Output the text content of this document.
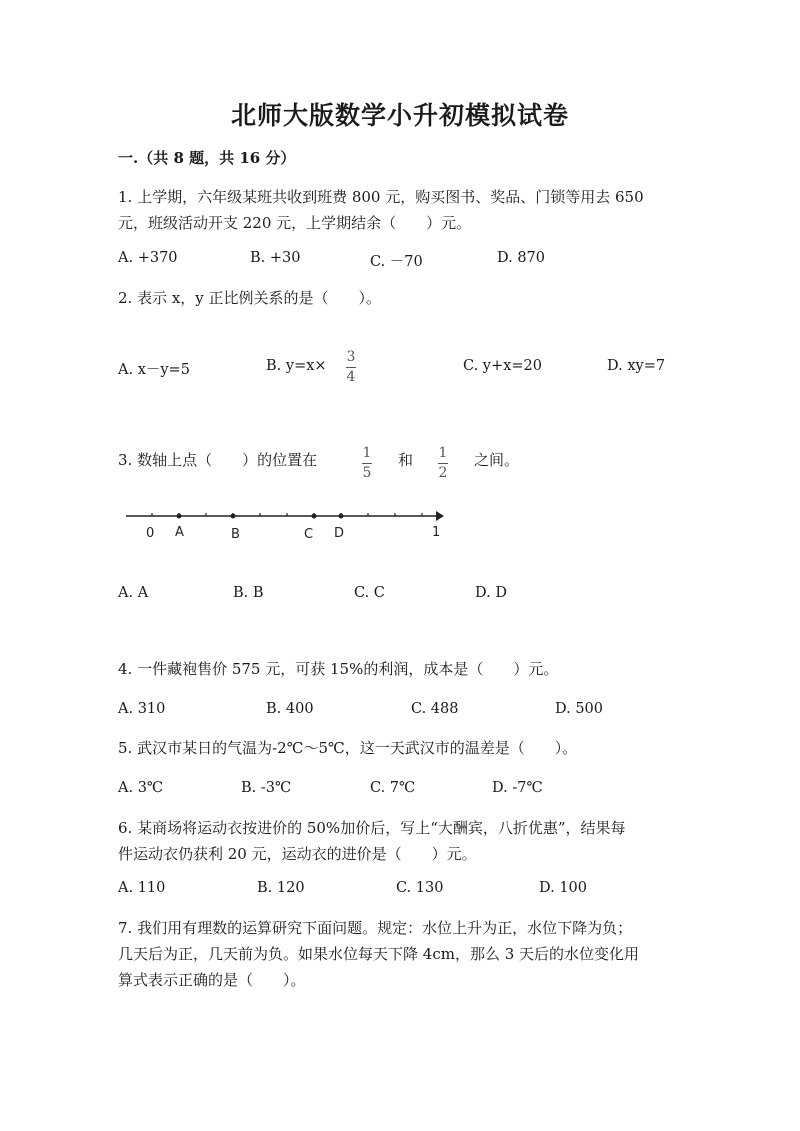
北师大版数学小升初模拟试卷
一.（共 8 题，共 16 分）
1. 上学期，六年级某班共收到班费 800 元，购买图书、奖品、门锁等用去 650
元，班级活动开支 220 元，上学期结余（　　）元。
A. +370	B. +30	C. －70	D. 870
2. 表示 x，y 正比例关系的是（　　）。
A. x－y=5	B. y=x×
3
4
C. y+x=20	D. xy=7
3. 数轴上点（　　）的位置在	1
5
和 1
2
之间。
0 A	B	C D	1
A. A	B. B	C. C	D. D
4. 一件藏袍售价 575 元，可获 15%的利润，成本是（　　）元。
A. 310	B. 400	C. 488	D. 500
5. 武汉市某日的气温为-2℃～5℃，这一天武汉市的温差是（　　）。
A. 3℃	B. -3℃	C. 7℃	D. -7℃
6. 某商场将运动衣按进价的 50%加价后，写上“大酬宾，八折优惠”，结果每
件运动衣仍获利 20 元，运动衣的进价是（　　）元。
A. 110	B. 120	C. 130	D. 100
7. 我们用有理数的运算研究下面问题。规定：水位上升为正，水位下降为负；
几天后为正，几天前为负。如果水位每天下降 4cm，那么 3 天后的水位变化用
算式表示正确的是（　　）。
